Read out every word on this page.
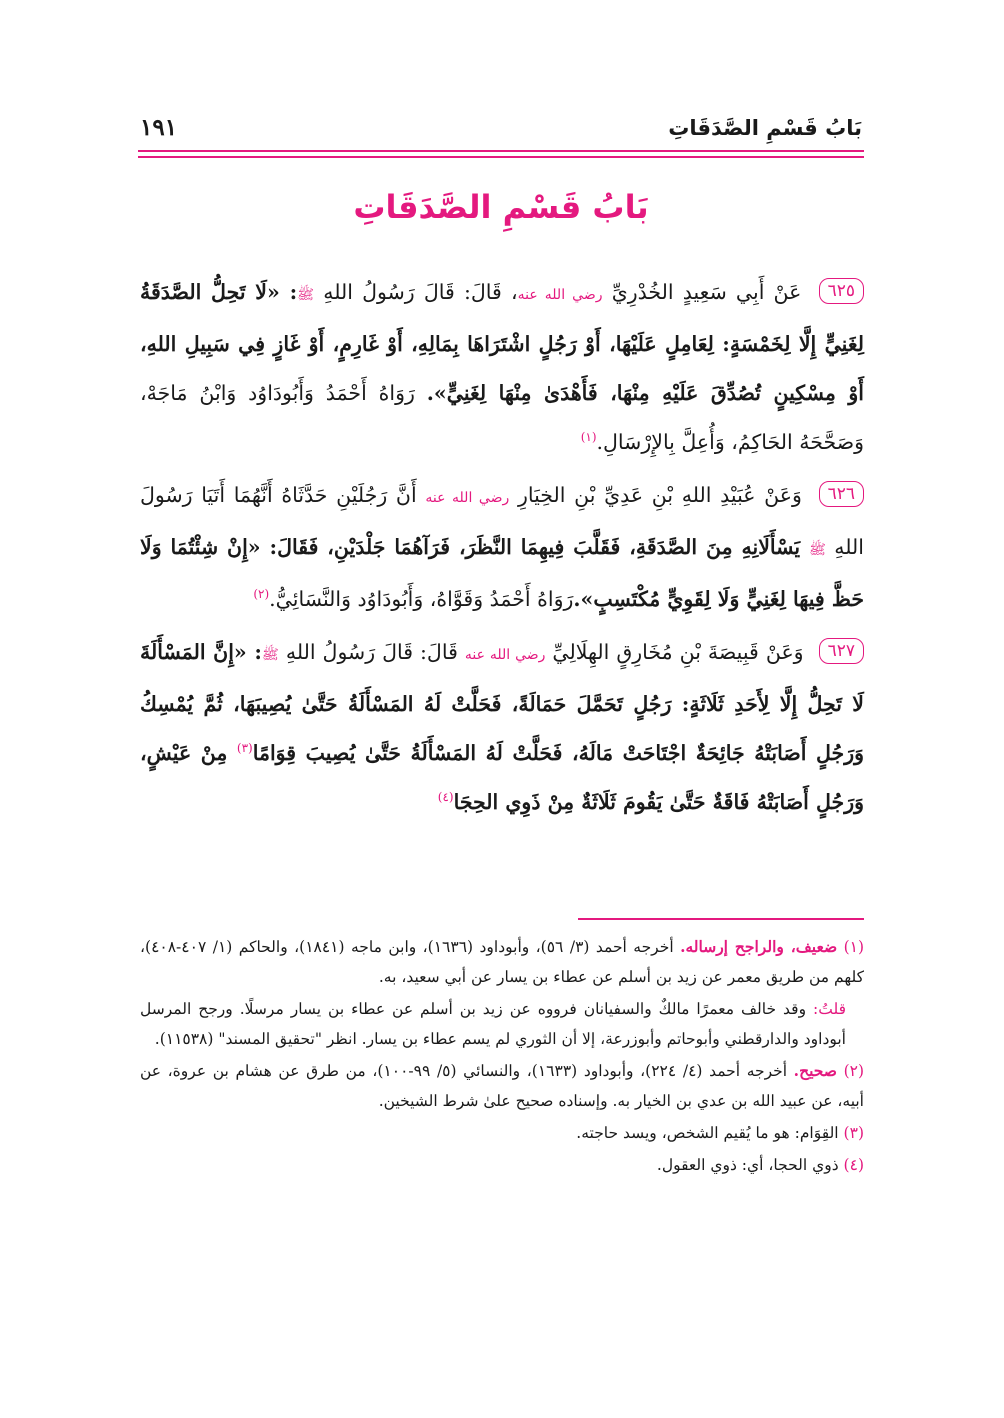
بَابُ قَسْمِ الصَّدَقَاتِ
١٩١
بَابُ قَسْمِ الصَّدَقَاتِ

٦٢٥ عَنْ أَبِي سَعِيدٍ الخُدْرِيِّ رضي الله عنه، قَالَ: قَالَ رَسُولُ اللهِ ﷺ: «لَا تَحِلُّ الصَّدَقَةُ لِغَنِيٍّ إِلَّا لِخَمْسَةٍ: لِعَامِلٍ عَلَيْهَا، أَوْ رَجُلٍ اشْتَرَاهَا بِمَالِهِ، أَوْ غَارِمٍ، أَوْ غَازٍ فِي سَبِيلِ اللهِ، أَوْ مِسْكِينٍ تُصُدِّقَ عَلَيْهِ مِنْهَا، فَأَهْدَىٰ مِنْهَا لِغَنِيٍّ». رَوَاهُ أَحْمَدُ وَأَبُودَاوُد وَابْنُ مَاجَهْ، وَصَحَّحَهُ الحَاكِمُ، وَأُعِلَّ بِالإِرْسَالِ.$^{(١)}$

٦٢٦ وَعَنْ عُبَيْدِ اللهِ بْنِ عَدِيِّ بْنِ الخِيَارِ رضي الله عنه أَنَّ رَجُلَيْنِ حَدَّثَاهُ أَنَّهُمَا أَتَيَا رَسُولَ اللهِ ﷺ يَسْأَلَانِهِ مِنَ الصَّدَقَةِ، فَقَلَّبَ فِيهِمَا النَّظَرَ، فَرَآهُمَا جَلْدَيْنِ، فَقَالَ: «إِنْ شِئْتُمَا وَلَا حَظَّ فِيهَا لِغَنِيٍّ وَلَا لِقَوِيٍّ مُكْتَسِبٍ».رَوَاهُ أَحْمَدُ وَقَوَّاهُ، وَأَبُودَاوُد وَالنَّسَائِيُّ.$^{(٢)}$

٦٢٧ وَعَنْ قَبِيصَةَ بْنِ مُخَارِقٍ الهِلَالِيِّ رضي الله عنه قَالَ: قَالَ رَسُولُ اللهِ ﷺ: «إِنَّ المَسْأَلَةَ لَا تَحِلُّ إِلَّا لِأَحَدِ ثَلَاثَةٍ: رَجُلٍ تَحَمَّلَ حَمَالَةً، فَحَلَّتْ لَهُ المَسْأَلَةُ حَتَّىٰ يُصِيبَهَا، ثُمَّ يُمْسِكُ وَرَجُلٍ أَصَابَتْهُ جَائِحَةٌ اجْتَاحَتْ مَالَهُ، فَحَلَّتْ لَهُ المَسْأَلَةُ حَتَّىٰ يُصِيبَ قِوَامًا$^{(٣)}$ مِنْ عَيْشٍ، وَرَجُلٍ أَصَابَتْهُ فَاقَةٌ حَتَّىٰ يَقُومَ ثَلَاثَةٌ مِنْ ذَوِي الحِجَا$^{(٤)}$

(١) ضعيف، والراجح إرساله. أخرجه أحمد (٣/ ٥٦)، وأبوداود (١٦٣٦)، وابن ماجه (١٨٤١)، والحاكم (١/ ٤٠٧-٤٠٨)، كلهم من طريق معمر عن زيد بن أسلم عن عطاء بن يسار عن أبي سعيد، به.

قلتُ: وقد خالف معمرًا مالكٌ والسفيانان فرووه عن زيد بن أسلم عن عطاء بن يسار مرسلًا. ورجح المرسل أبوداود والدارقطني وأبوحاتم وأبوزرعة، إلا أن الثوري لم يسم عطاء بن يسار. انظر "تحقيق المسند" (١١٥٣٨).

(٢) صحيح. أخرجه أحمد (٤/ ٢٢٤)، وأبوداود (١٦٣٣)، والنسائي (٥/ ٩٩-١٠٠)، من طرق عن هشام بن عروة، عن أبيه، عن عبيد الله بن عدي بن الخيار به. وإسناده صحيح علىٰ شرط الشيخين.

(٣) القِوَام: هو ما يُقيم الشخص، ويسد حاجته.

(٤) ذوي الحجا، أي: ذوي العقول.
